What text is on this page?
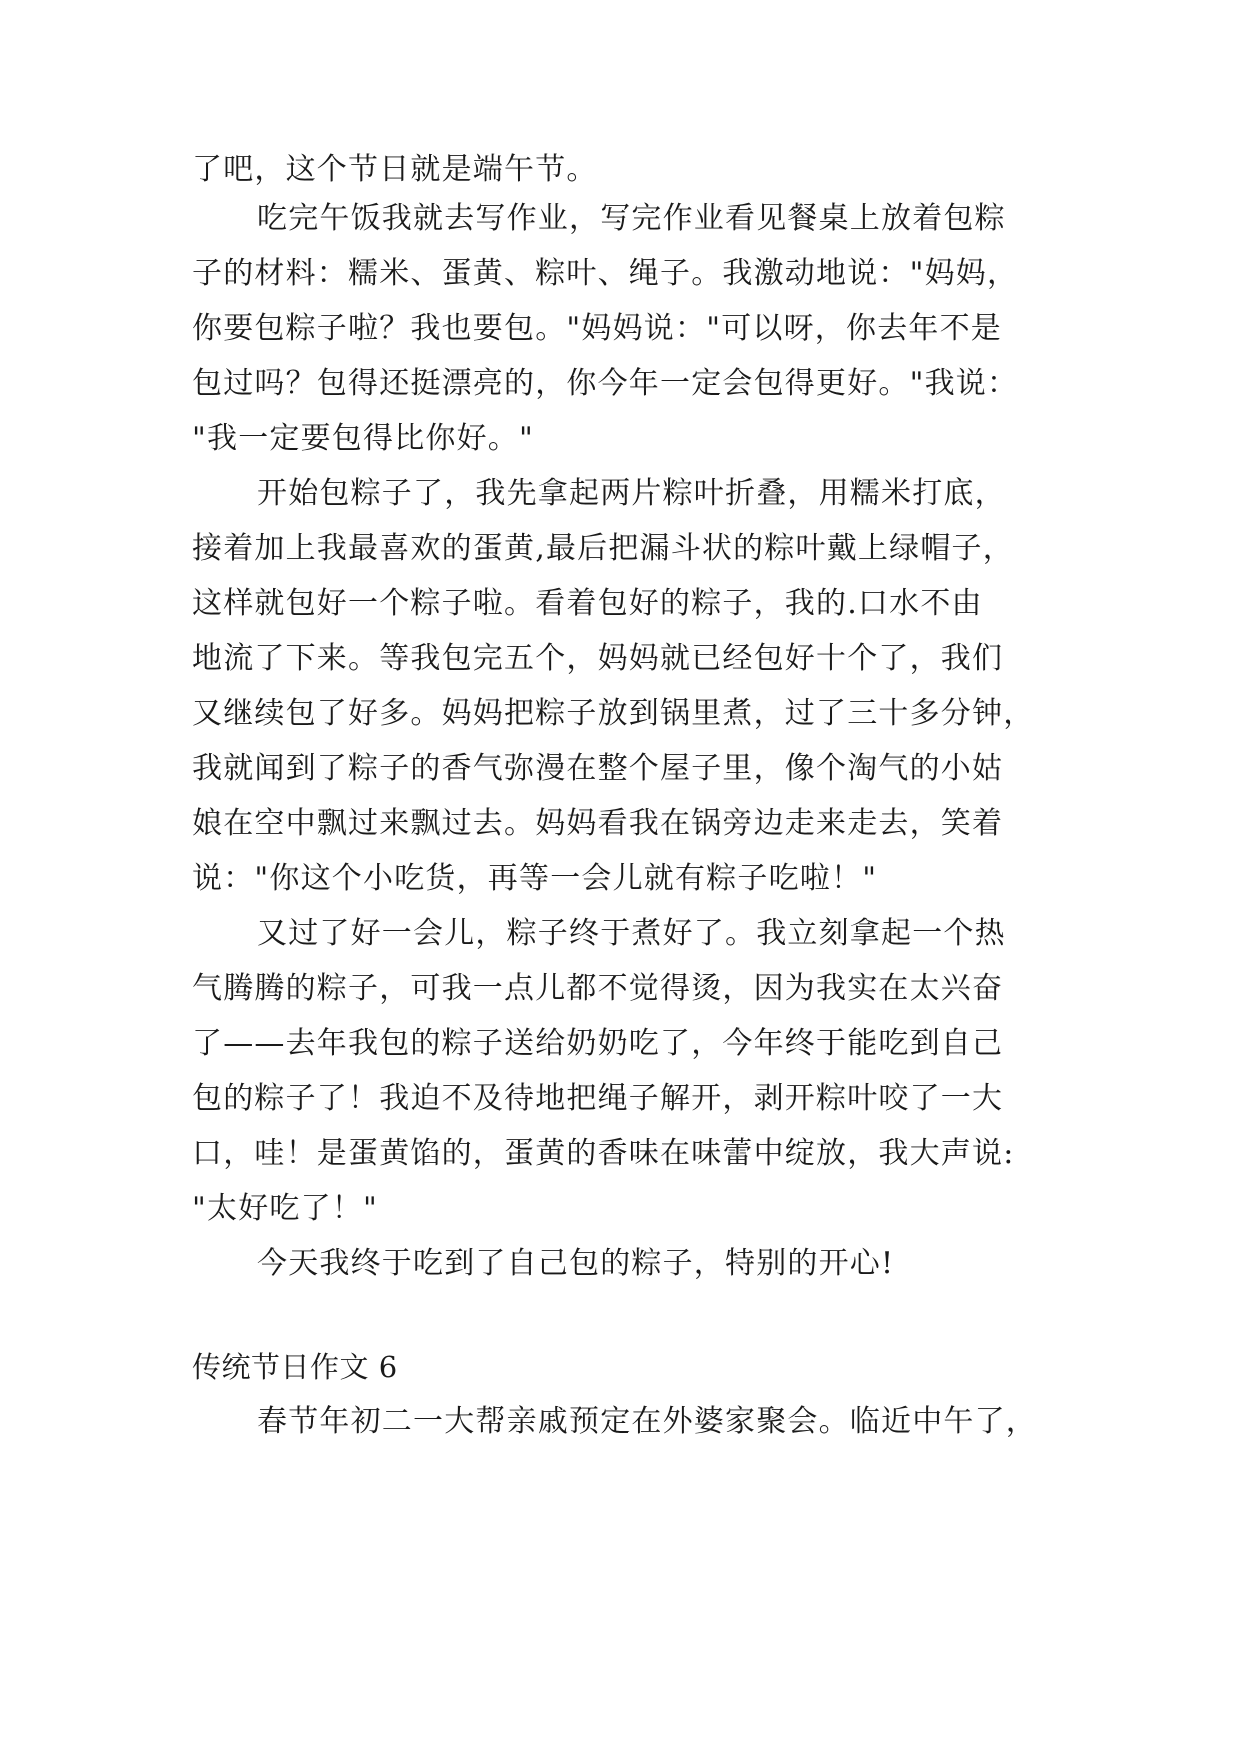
了吧，这个节日就是端午节。

吃完午饭我就去写作业，写完作业看见餐桌上放着包粽

子的材料：糯米、蛋黄、粽叶、绳子。我激动地说："妈妈，

你要包粽子啦？我也要包。"妈妈说："可以呀，你去年不是

包过吗？包得还挺漂亮的，你今年一定会包得更好。"我说：

"我一定要包得比你好。"

开始包粽子了，我先拿起两片粽叶折叠，用糯米打底，

接着加上我最喜欢的蛋黄,最后把漏斗状的粽叶戴上绿帽子，

这样就包好一个粽子啦。看着包好的粽子，我的.口水不由

地流了下来。等我包完五个，妈妈就已经包好十个了，我们

又继续包了好多。妈妈把粽子放到锅里煮，过了三十多分钟，

我就闻到了粽子的香气弥漫在整个屋子里，像个淘气的小姑

娘在空中飘过来飘过去。妈妈看我在锅旁边走来走去，笑着

说："你这个小吃货，再等一会儿就有粽子吃啦！"

又过了好一会儿，粽子终于煮好了。我立刻拿起一个热

气腾腾的粽子，可我一点儿都不觉得烫，因为我实在太兴奋

了——去年我包的粽子送给奶奶吃了，今年终于能吃到自己

包的粽子了！我迫不及待地把绳子解开，剥开粽叶咬了一大

口，哇！是蛋黄馅的，蛋黄的香味在味蕾中绽放，我大声说:

"太好吃了！"

今天我终于吃到了自己包的粽子，特别的开心!

传统节日作文 6

春节年初二一大帮亲戚预定在外婆家聚会。临近中午了，
